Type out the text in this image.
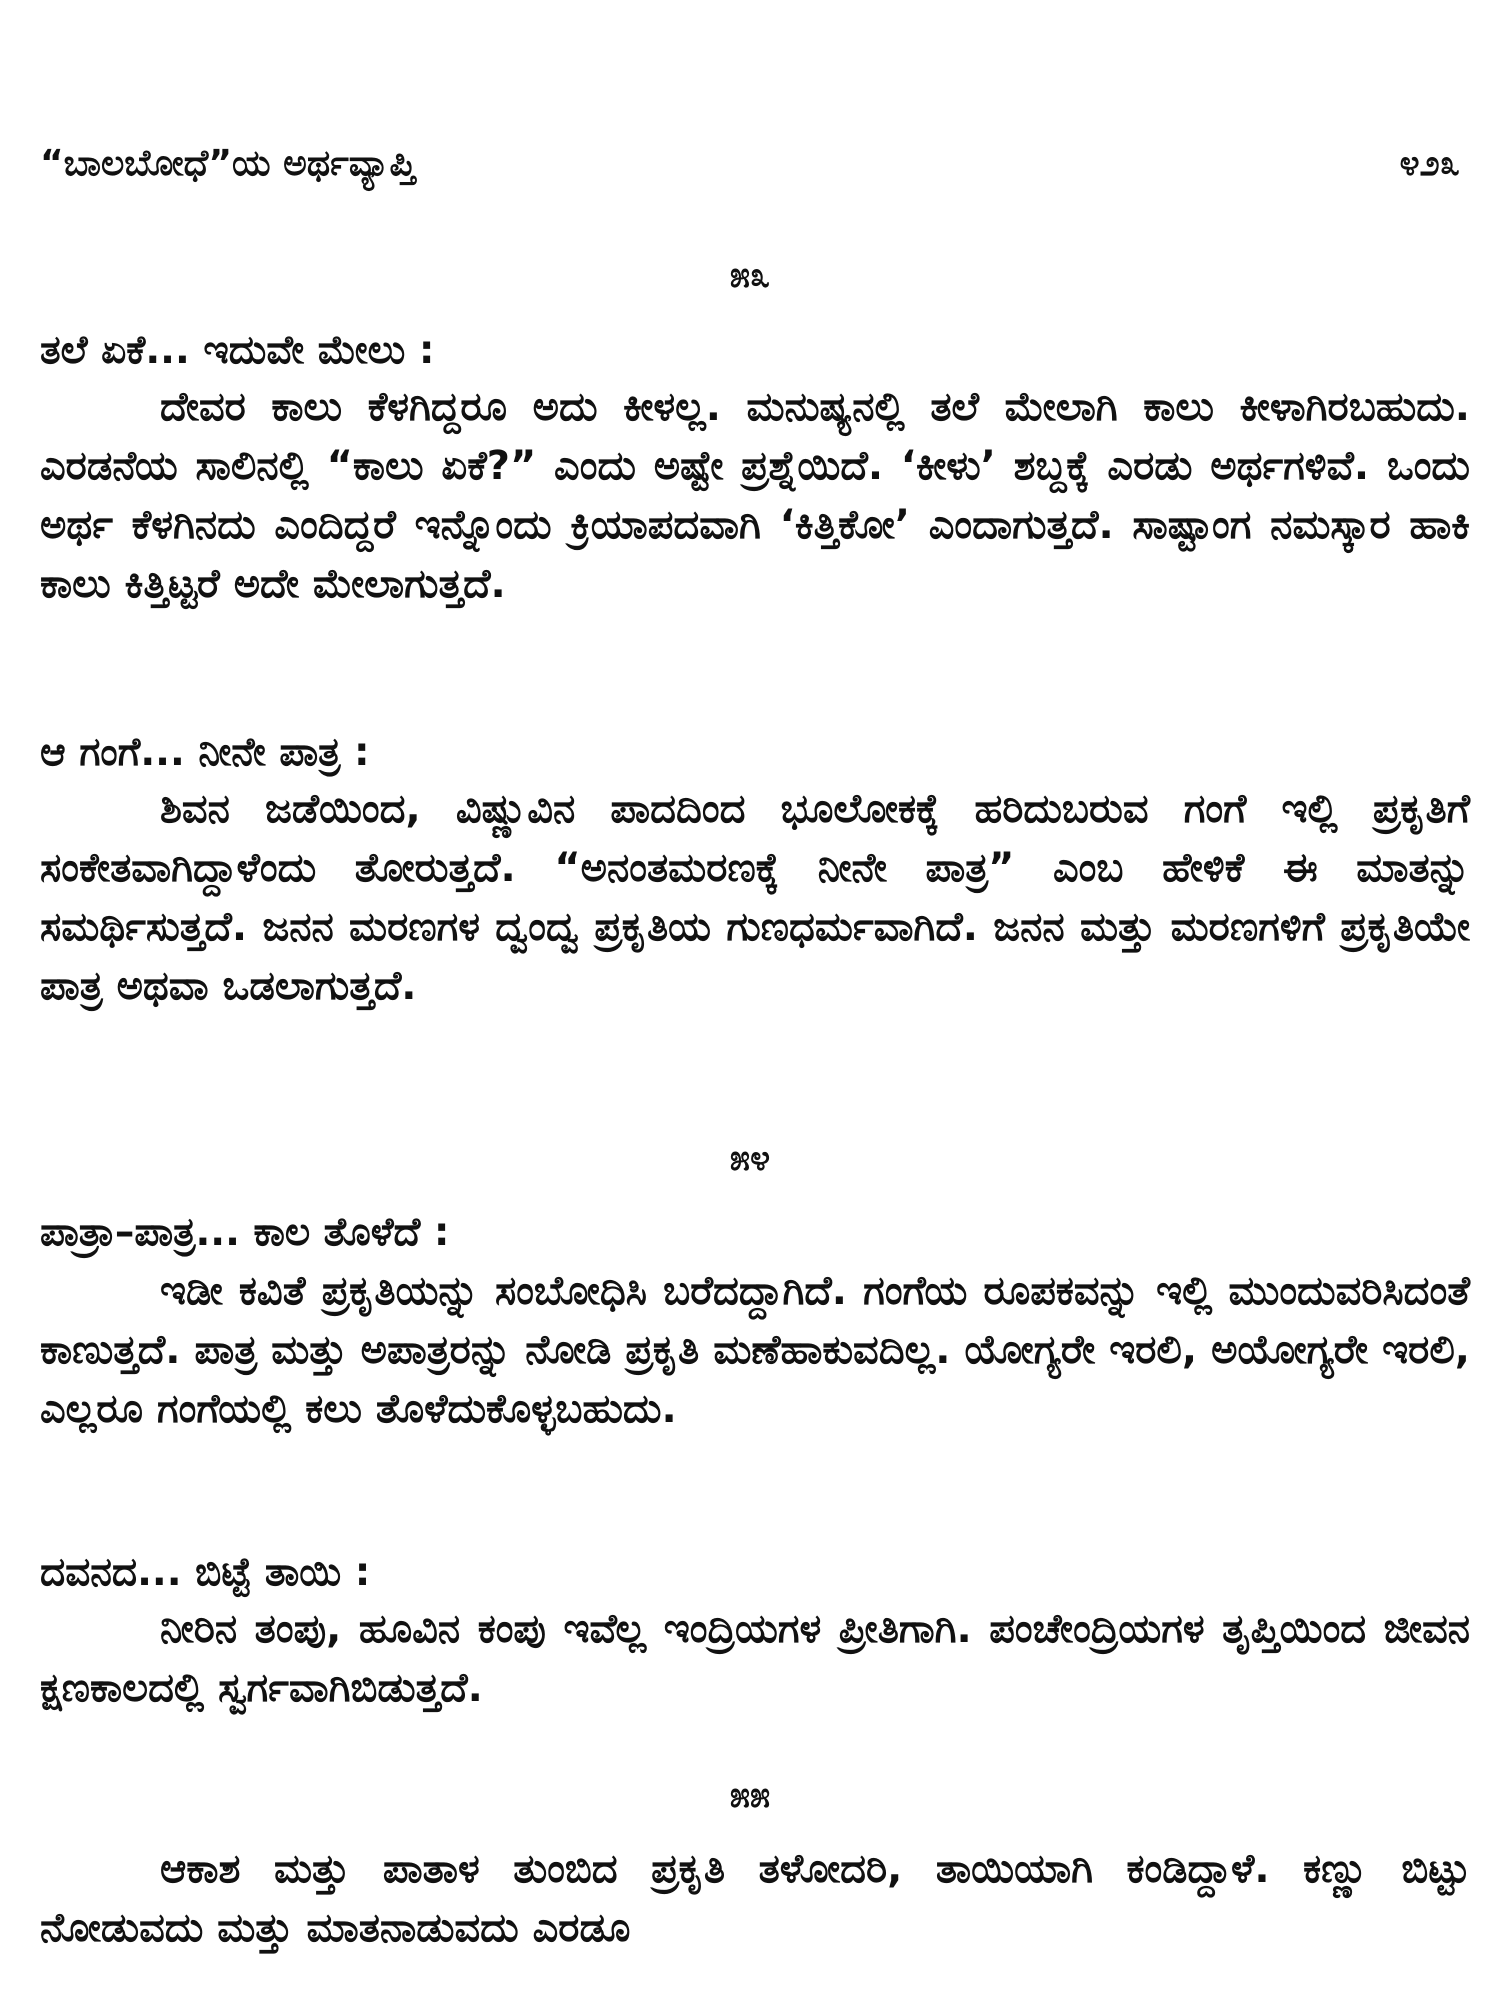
“ಬಾಲಬೋಧೆ”ಯ ಅರ್ಥವ್ಯಾಪ್ತಿ	೪೨೩
೫೩
ತಲೆ ಏಕೆ... ಇದುವೇ ಮೇಲು :

ದೇವರ ಕಾಲು ಕೆಳಗಿದ್ದರೂ ಅದು ಕೀಳಲ್ಲ. ಮನುಷ್ಯನಲ್ಲಿ ತಲೆ ಮೇಲಾಗಿ ಕಾಲು ಕೀಳಾಗಿರಬಹುದು. ಎರಡನೆಯ ಸಾಲಿನಲ್ಲಿ “ಕಾಲು ಏಕೆ?” ಎಂದು ಅಷ್ಟೇ ಪ್ರಶ್ನೆಯಿದೆ. ‘ಕೀಳು’ ಶಬ್ದಕ್ಕೆ ಎರಡು ಅರ್ಥಗಳಿವೆ. ಒಂದು ಅರ್ಥ ಕೆಳಗಿನದು ಎಂದಿದ್ದರೆ ಇನ್ನೊಂದು ಕ್ರಿಯಾಪದವಾಗಿ ‘ಕಿತ್ತಿಕೋ’ ಎಂದಾಗುತ್ತದೆ. ಸಾಷ್ಟಾಂಗ ನಮಸ್ಕಾರ ಹಾಕಿ ಕಾಲು ಕಿತ್ತಿಟ್ಟರೆ ಅದೇ ಮೇಲಾಗುತ್ತದೆ.

ಆ ಗಂಗೆ... ನೀನೇ ಪಾತ್ರ :

ಶಿವನ ಜಡೆಯಿಂದ, ವಿಷ್ಣುವಿನ ಪಾದದಿಂದ ಭೂಲೋಕಕ್ಕೆ ಹರಿದುಬರುವ ಗಂಗೆ ಇಲ್ಲಿ ಪ್ರಕೃತಿಗೆ ಸಂಕೇತವಾಗಿದ್ದಾಳೆಂದು ತೋರುತ್ತದೆ. “ಅನಂತಮರಣಕ್ಕೆ ನೀನೇ ಪಾತ್ರ” ಎಂಬ ಹೇಳಿಕೆ ಈ ಮಾತನ್ನು ಸಮರ್ಥಿಸುತ್ತದೆ. ಜನನ ಮರಣಗಳ ದ್ವಂದ್ವ ಪ್ರಕೃತಿಯ ಗುಣಧರ್ಮವಾಗಿದೆ. ಜನನ ಮತ್ತು ಮರಣಗಳಿಗೆ ಪ್ರಕೃತಿಯೇ ಪಾತ್ರ ಅಥವಾ ಒಡಲಾಗುತ್ತದೆ.

೫೪
ಪಾತ್ರಾ–ಪಾತ್ರ... ಕಾಲ ತೊಳೆದೆ :

ಇಡೀ ಕವಿತೆ ಪ್ರಕೃತಿಯನ್ನು ಸಂಬೋಧಿಸಿ ಬರೆದದ್ದಾಗಿದೆ. ಗಂಗೆಯ ರೂಪಕವನ್ನು ಇಲ್ಲಿ ಮುಂದುವರಿಸಿದಂತೆ ಕಾಣುತ್ತದೆ. ಪಾತ್ರ ಮತ್ತು ಅಪಾತ್ರರನ್ನು ನೋಡಿ ಪ್ರಕೃತಿ ಮಣೆಹಾಕುವದಿಲ್ಲ. ಯೋಗ್ಯರೇ ಇರಲಿ, ಅಯೋಗ್ಯರೇ ಇರಲಿ, ಎಲ್ಲರೂ ಗಂಗೆಯಲ್ಲಿ ಕಲು ತೊಳೆದುಕೊಳ್ಳಬಹುದು.

ದವನದ... ಬಿಟ್ಟೆ ತಾಯಿ :

ನೀರಿನ ತಂಪು, ಹೂವಿನ ಕಂಪು ಇವೆಲ್ಲ ಇಂದ್ರಿಯಗಳ ಪ್ರೀತಿಗಾಗಿ. ಪಂಚೇಂದ್ರಿಯಗಳ ತೃಪ್ತಿಯಿಂದ ಜೀವನ ಕ್ಷಣಕಾಲದಲ್ಲಿ ಸ್ವರ್ಗವಾಗಿಬಿಡುತ್ತದೆ.

೫೫

ಆಕಾಶ ಮತ್ತು ಪಾತಾಳ ತುಂಬಿದ ಪ್ರಕೃತಿ ತಳೋದರಿ, ತಾಯಿಯಾಗಿ ಕಂಡಿದ್ದಾಳೆ. ಕಣ್ಣು ಬಿಟ್ಟು ನೋಡುವದು ಮತ್ತು ಮಾತನಾಡುವದು ಎರಡೂ
